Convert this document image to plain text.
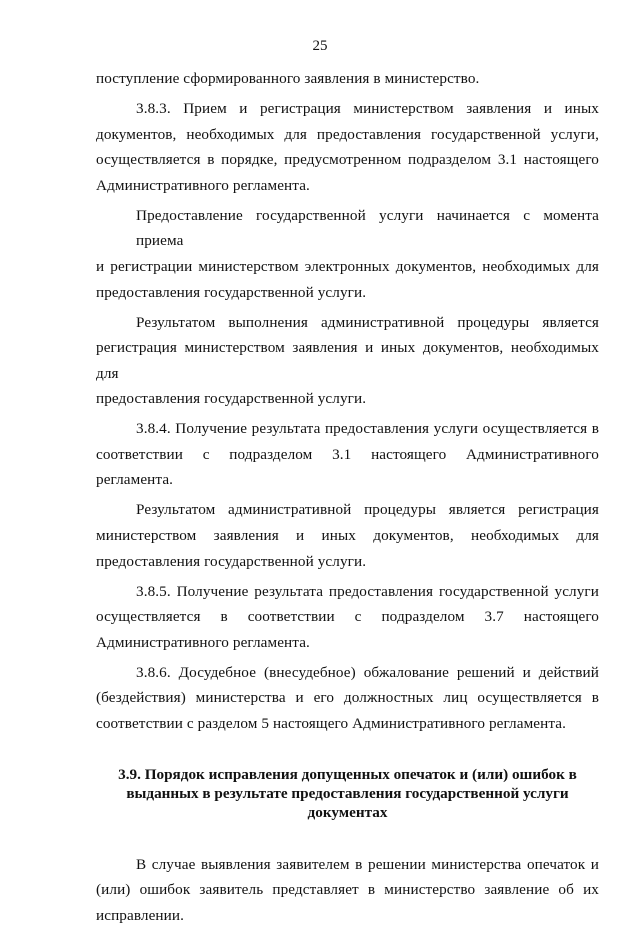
25
поступление сформированного заявления в министерство.
3.8.3. Прием и регистрация министерством заявления и иных
документов, необходимых для предоставления государственной услуги,
осуществляется в порядке, предусмотренном подразделом 3.1 настоящего
Административного регламента.
Предоставление государственной услуги начинается с момента приема
и регистрации министерством электронных документов, необходимых для
предоставления государственной услуги.
Результатом выполнения административной процедуры является
регистрация министерством заявления и иных документов, необходимых для
предоставления государственной услуги.
3.8.4. Получение результата предоставления услуги осуществляется в
соответствии с подразделом 3.1 настоящего Административного регламента.
Результатом административной процедуры является регистрация
министерством заявления и иных документов, необходимых для
предоставления государственной услуги.
3.8.5. Получение результата предоставления государственной услуги
осуществляется в соответствии с подразделом 3.7 настоящего
Административного регламента.
3.8.6. Досудебное (внесудебное) обжалование решений и действий
(бездействия) министерства и его должностных лиц осуществляется в
соответствии с разделом 5 настоящего Административного регламента.
3.9. Порядок исправления допущенных опечаток и (или) ошибок в
выданных в результате предоставления государственной услуги
документах
В случае выявления заявителем в решении министерства опечаток и
(или) ошибок заявитель представляет в министерство заявление об их
исправлении.
